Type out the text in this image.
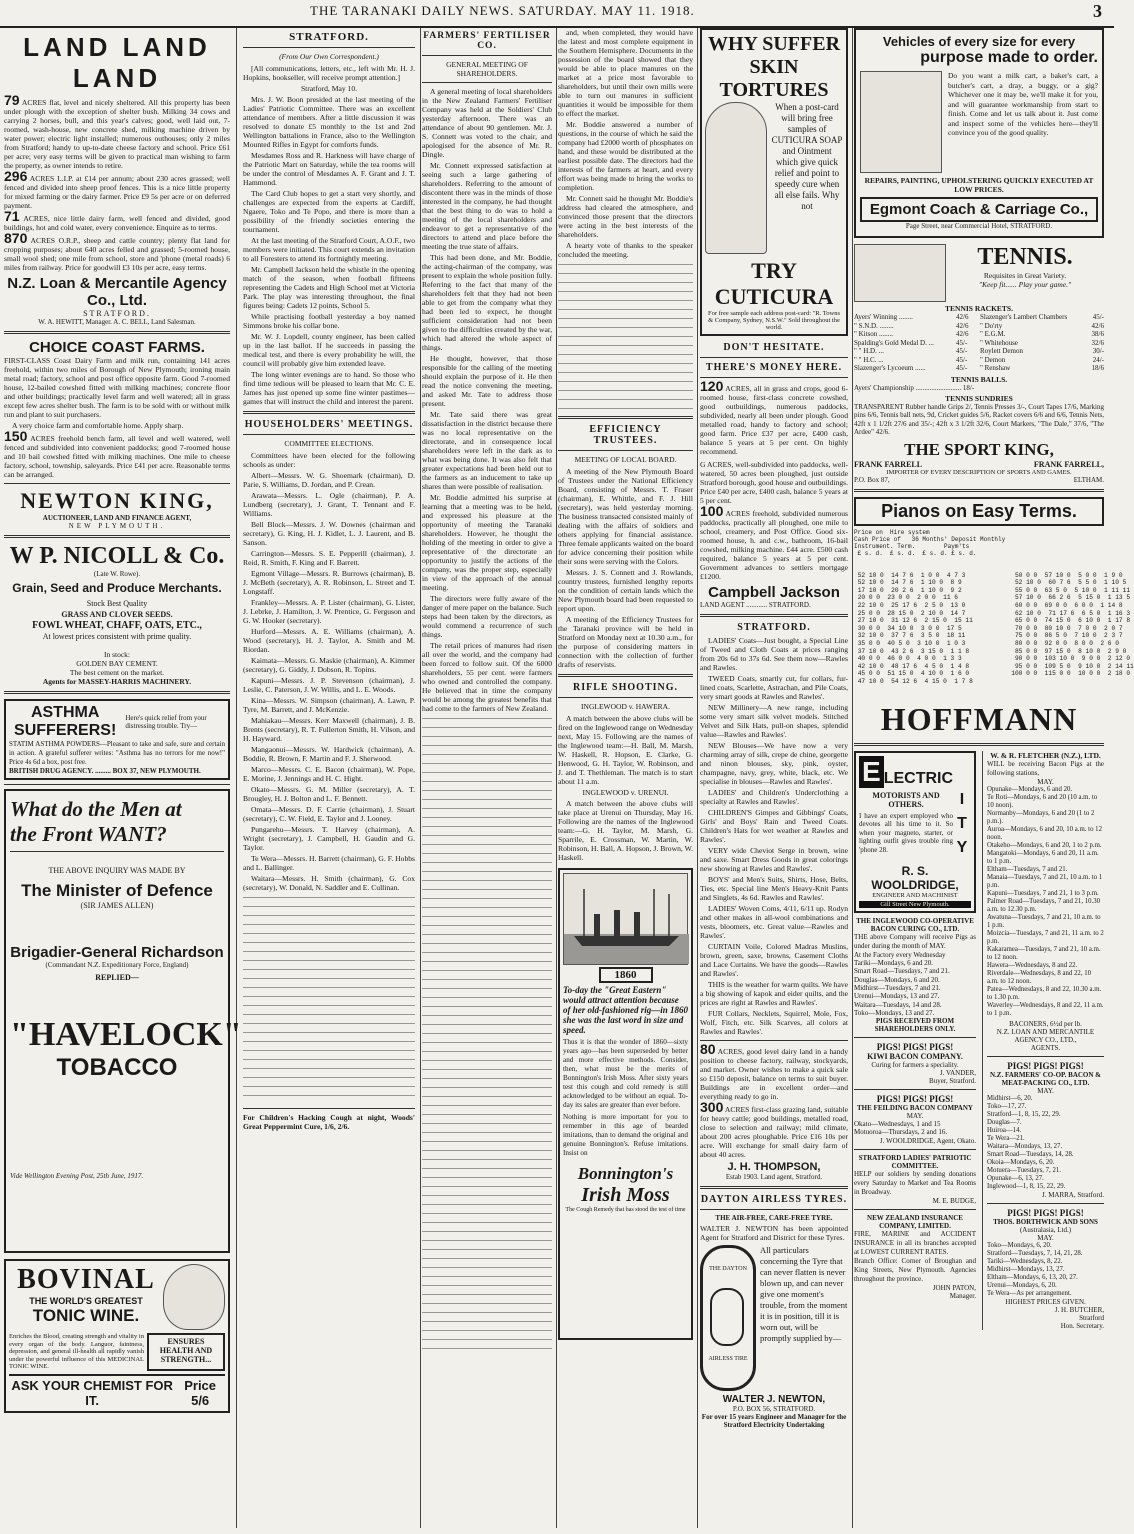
THE TARANAKI DAILY NEWS. SATURDAY. MAY 11. 1918.	3
LAND LAND LAND

79 ACRES flat, level and nicely sheltered. All this property has been under plough with the exception of shelter bush. Milking 34 cows and carrying 2 horses, bull, and this year's calves; good, well laid out, 7-roomed, wash-house, new concrete shed, milking machine driven by water power; electric light installed; numerous outhouses; only 2 miles from Stratford; handy to up-to-date cheese factory and school. Price £61 per acre; very easy terms will be given to practical man wishing to farm the property, as owner intends to retire.

296 ACRES L.I.P. at £14 per annum; about 230 acres grassed; well fenced and divided into sheep proof fences. This is a nice little property for mixed farming or the dairy farmer. Price £9 5s per acre or on deferred payment.

71 ACRES, nice little dairy farm, well fenced and divided, good buildings, hot and cold water, every convenience. Enquire as to terms.

870 ACRES O.R.P., sheep and cattle country; plenty flat land for cropping purposes; about 640 acres felled and grassed; 5-roomed house, small wool shed; one mile from school, store and 'phone (metal roads) 6 miles from railway. Price for goodwill £3 10s per acre, easy terms.

N.Z. Loan & Mercantile Agency Co., Ltd.
STRATFORD.
W. A. HEWITT, Manager. A. C. BELL, Land Salesman.
CHOICE COAST FARMS.

FIRST-CLASS Coast Dairy Farm and milk run, containing 141 acres freehold, within two miles of Borough of New Plymouth; ironing main metal road; factory, school and post office opposite farm. Good 7-roomed house, 12-bailed cowshed fitted with milking machines; concrete floor and other buildings; practically level farm and well watered; all in grass except few acres shelter bush. The farm is to be sold with or without milk run and plant to suit purchasers.

A very choice farm and comfortable home. Apply sharp.

150 ACRES freehold bench farm, all level and well watered, well fenced and subdivided into convenient paddocks; good 7-roomed house and 10 bail cowshed fitted with milking machines. One mile to cheese factory, school, township, saleyards. Price £41 per acre. Reasonable terms can be arranged.

NEWTON KING,
AUCTIONEER, LAND AND FINANCE AGENT,
NEW PLYMOUTH.
W P. NICOLL & Co.
(Late W. Rowe).
Grain, Seed and Produce Merchants.
Stock Best Quality
GRASS AND CLOVER SEEDS.
FOWL WHEAT, CHAFF, OATS, ETC.,
At lowest prices consistent with prime quality.
In stock:
GOLDEN BAY CEMENT.
The best cement on the market.
Agents for MASSEY-HARRIS MACHINERY.
ASTHMA SUFFERERS!
Here's quick relief from your distressing trouble. Try—
STATIM ASTHMA POWDERS—Pleasant to take and safe, sure and certain in action. A grateful sufferer writes: "Asthma has no terrors for me now!" Price 4s 6d a box, post free.
BRITISH DRUG AGENCY. ......... BOX 37, NEW PLYMOUTH.
What do the Men at
the Front WANT?
THE ABOVE INQUIRY WAS MADE BY
The Minister of Defence
(SIR JAMES ALLEN)
Brigadier-General Richardson
(Commandant N.Z. Expeditionary Force, England)
REPLIED—
"HAVELOCK"
TOBACCO
Vide Wellington Evening Post, 25th June, 1917.
BOVINAL
THE WORLD'S GREATEST
TONIC WINE.
Enriches the Blood, creating strength and vitality in every organ of the body. Languor, faintness, depression, and general ill-health all rapidly vanish under the powerful influence of this MEDICINAL TONIC WINE.
ENSURES
HEALTH AND
STRENGTH...
ASK YOUR CHEMIST FOR IT.
Price 5/6
STRATFORD.
(From Our Own Correspondent.)

[All communications, letters, etc., left with Mr. H. J. Hopkins, bookseller, will receive prompt attention.]

Stratford, May 10.

Mrs. J. W. Boon presided at the last meeting of the Ladies' Patriotic Committee. There was an excellent attendance of members. After a little discussion it was resolved to donate £5 monthly to the 1st and 2nd Wellington battalions in France, also to the Wellington Mounted Rifles in Egypt for comforts funds.

Mesdames Ross and R. Harkness will have charge of the Patriotic Mart on Saturday, while the tea rooms will be under the control of Mesdames A. F. Grant and J. T. Hammond.

The Card Club hopes to get a start very shortly, and challenges are expected from the experts at Cardiff, Ngaere, Toko and Te Popo, and there is more than a possibility of the friendly societies entering the tournament.

At the last meeting of the Stratford Court, A.O.F., two members were initiated. This court extends an invitation to all Foresters to attend its fortnightly meeting.

Mr. Campbell Jackson held the whistle in the opening match of the season, when football fiftteens representing the Cadets and High School met at Victoria Park. The play was interesting throughout, the final figures being: Cadets 12 points, School 5.

While practising football yesterday a boy named Simmons broke his collar bone.

Mr. W. J. Lopdell, county engineer, has been called up in the last ballot. If he succeeds in passing the medical test, and there is every probability he will, the council will probably give him extended leave.

The long winter evenings are to hand. So those who find time tedious will be pleased to learn that Mr. C. E. James has just opened up some fine winter pastimes—games that will instruct the child and interest the parent.

HOUSEHOLDERS' MEETINGS.
COMMITTEE ELECTIONS.

Committees have been elected for the following schools as under:

Albert—Messrs. W. G. Shoemark (chairman), D. Parie, S. Williams, D. Jordan, and P. Crean.

Arawata—Messrs. L. Ogle (chairman), P. A. Lundberg (secretary), J. Grant, T. Tennant and F. Williams.

Bell Block—Messrs. J. W. Downes (chairman and secretary), G. King, H. J. Kidlet, L. J. Laurent, and B. Sanson.

Carrington—Messrs. S. E. Pepperill (chairman), J. Reid, R. Smith, F. King and F. Barrett.

Egmont Village—Messrs. R. Burrows (chairman), B. J. McBeth (secretary), A. R. Robinson, L. Street and T. Longstaff.

Frankley—Messrs. A. P. Lister (chairman), G. Lister, J. Lebrke, J. Hamilton, J. W. Prentice, G. Ferguson and G. W. Hooker (secretary).

Hurford—Messrs. A. E. Williams (chairman), A. Wood (secretary), H. J. Taylor, A. Smith and M. Riordan.

Kaimata—Messrs. G. Maskie (chairman), A. Kimmer (secretary), G. Giddy, J. Dobson, R. Topins.

Kapuni—Messrs. J. P. Stevenson (chairman), J. Leslie, C. Paterson, J. W. Willis, and L. E. Woods.

Kina—Messrs. W. Simpson (chairman), A. Lawn, P. Tyre, M. Barrett, and J. McKenzie.

Mahiakau—Messrs. Kerr Maxwell (chairman), J. B. Brents (secretary), R. T. Fullerton Smith, H. Vilson, and H. Hayward.

Mangaonui—Messrs. W. Hardwick (chairman), A. Boddie, R. Brown, F. Martin and F. J. Sherwood.

Marco—Messrs. C. E. Bacon (chairman), W. Pope, E. Morine, J. Jennings and H. C. Hight.

Okato—Messrs. G. M. Miller (secretary), A. T. Brougley, H. J. Bolton and L. F. Bennett.

Omata—Messrs. D. F. Carrie (chairman), J. Stuart (secretary), C. W. Field, E. Taylor and J. Looney.

Pungarehu—Messrs. T. Harvey (chairman), A. Wright (secretary), J. Campbell, H. Gaudin and G. Taylor.

Te Wera—Messrs. H. Barrett (chairman), G. F. Hobbs and L. Ballinger.

Waitara—Messrs. H. Smith (chairman), G. Cox (secretary), W. Donald, N. Saddler and E. Cullinan.

For Children's Hacking Cough at night, Woods' Great Peppermint Cure, 1/6, 2/6.
FARMERS' FERTILISER CO.
GENERAL MEETING OF SHAREHOLDERS.

A general meeting of local shareholders in the New Zealand Farmers' Fertiliser Company was held at the Soldiers' Club yesterday afternoon. There was an attendance of about 90 gentlemen. Mr. J. S. Connett was voted to the chair, and apologised for the absence of Mr. R. Dingle.

Mr. Connett expressed satisfaction at seeing such a large gathering of shareholders. Referring to the amount of discontent there was in the minds of those interested in the company, he had thought that the best thing to do was to hold a meeting of the local shareholders and endeavor to get a representative of the directors to attend and place before the meeting the true state of affairs.

This had been done, and Mr. Boddie, the acting-chairman of the company, was present to explain the whole position fully. Referring to the fact that many of the shareholders felt that they had not been able to get from the company what they had been led to expect, he thought sufficient consideration had not been given to the difficulties created by the war, which had altered the whole aspect of things.

He thought, however, that those responsible for the calling of the meeting should explain the purpose of it. He then read the notice convening the meeting, and asked Mr. Tate to address those present.

Mr. Tate said there was great dissatisfaction in the district because there was no local representative on the directorate, and in consequence local shareholders were left in the dark as to what was being done. It was also felt that greater expectations had been held out to the farmers as an inducement to take up shares than were possible of realisation.

Mr. Boddie admitted his surprise at learning that a meeting was to be held, and expressed his pleasure at the opportunity of meeting the Taranaki shareholders. However, he thought the holding of the meeting in order to give a representative of the directorate an opportunity to justify the actions of the company, was the proper step, especially in view of the approach of the annual meeting.

The directors were fully aware of the danger of mere paper on the balance. Such steps had been taken by the directors, as would commend a recurrence of such things.

The retail prices of manures had risen all over the world, and the company had been forced to follow suit. Of the 6000 shareholders, 55 per cent. were farmers who owned and controlled the company. He believed that in time the company would be among the greatest benefits that had come to the farmers of New Zealand.

and, when completed, they would have the latest and most complete equipment in the Southern Hemisphere. Documents in the possession of the board showed that they would be able to place manures on the market at a price most favorable to shareholders, but until their own mills were able to turn out manures in sufficient quantities it would be impossible for them to effect the market.

Mr. Boddie answered a number of questions, in the course of which he said the company had £2000 worth of phosphates on hand, and these would be distributed at the earliest possible date. The directors had the interests of the farmers at heart, and every effort was being made to bring the works to completion.

Mr. Connett said he thought Mr. Boddie's address had cleared the atmosphere, and convinced those present that the directors were acting in the best interests of the shareholders.

A hearty vote of thanks to the speaker concluded the meeting.

EFFICIENCY TRUSTEES.
MEETING OF LOCAL BOARD.

A meeting of the New Plymouth Board of Trustees under the National Efficiency Board, consisting of Messrs. T. Fraser (chairman), E. Whittle, and F. J. Hill (secretary), was held yesterday morning. The business transacted consisted mainly of dealing with the affairs of soldiers and others applying for financial assistance. Three female applicants waited on the board for advice concerning their position while their sons were serving with the Colors.

Messrs. J. S. Connett and J. Rowlands, country trustees, furnished lengthy reports on the condition of certain lands which the New Plymouth board had been requested to report upon.

A meeting of the Efficiency Trustees for the Taranaki province will be held in Stratford on Monday next at 10.30 a.m., for the purpose of considering matters in connection with the collection of further drafts of reservists.

RIFLE SHOOTING.
INGLEWOOD v. HAWERA.

A match between the above clubs will be fired on the Inglewood range on Wednesday next, May 15. Following are the names of the Inglewood team:—H. Ball, M. Marsh, W. Haskell, R. Hopson, E. Clarke, G. Henwood, G. H. Taylor, W. Robinson, and J. and T. Thethleman. The match is to start about 11 a.m.

INGLEWOOD v. URENUI.

A match between the above clubs will take place at Urenui on Thursday, May 16. Following are the names of the Inglewood team:—G. H. Taylor, M. Marsh, G. Sparrile, E. Crossman, W. Martin, W. Robinson, H. Ball, A. Hopson, J. Brown, W. Haskell.

1860
To-day the "Great Eastern" would attract attention because of her old-fashioned rig—in 1860 she was the last word in size and speed.
Thus it is that the wonder of 1860—sixty years ago—has been superseded by better and more effective methods. Consider, then, what must be the merits of Bonnington's Irish Moss. After sixty years test this cough and cold remedy is still acknowledged to be without an equal. To-day its sales are greater than ever before.
Nothing is more important for you to remember in this age of bearded imitations, than to demand the original and genuine Bonnington's. Refuse imitations. Insist on
Bonnington's
Irish Moss
The Cough Remedy that has stood the test of time
WHY SUFFER
SKIN TORTURES
When a post-card will bring free samples of CUTICURA SOAP and Ointment which give quick relief and point to speedy cure when all else fails. Why not
TRY CUTICURA
For free sample each address post-card: "R. Towns & Company, Sydney, N.S.W." Sold throughout the world.
DON'T HESITATE.
THERE'S MONEY HERE.

120 ACRES, all in grass and crops, good 6-roomed house, first-class concrete cowshed, good outbuildings, numerous paddocks, subdivided, nearly all been under plough. Good metalled road, handy to factory and school; good farm. Price £37 per acre, £400 cash, balance 5 years at 5 per cent. On highly recommend.

G ACRES, well-subdivided into paddocks, well-watered, 50 acres been ploughed, just outside Stratford borough, good house and outbuildings. Price £40 per acre, £400 cash, balance 5 years at 5 per cent.

100 ACRES freehold, subdivided numerous paddocks, practically all ploughed, one mile to school, creamery, and Post Office. Good six-roomed house, h. and c.w., bathroom, 16-bail cowshed, milking machine. £44 acre. £500 cash required, balance 5 years at 5 per cent. Government advances to settlers mortgage £1200.

Campbell Jackson
LAND AGENT ............ STRATFORD.
STRATFORD.

LADIES' Coats—Just bought, a Special Line of Tweed and Cloth Coats at prices ranging from 20s 6d to 37s 6d. See them now—Rawles and Rawles.

TWEED Coats, smartly cut, fur collars, fur-lined coats, Scarlette, Astrachan, and Pile Coats, very smart goods at Rawles and Rawles'.

NEW Millinery—A new range, including some very smart silk velvet models. Stitched Velvet and Silk Hats, pull-on shapes, splendid value—Rawles and Rawles'.

NEW Blouses—We have now a very charming array of silk, crepe de chine, georgette and ninon blouses, sky, pink, oyster, champagne, navy, grey, white, black, etc. We specialise in blouses—Rawles and Rawles'.

LADIES' and Children's Underclothing a specialty at Rawles and Rawles'.

CHILDREN'S Gimpes and Gibbings' Coats, Girls' and Boys' Rain and Tweed Coats. Children's Hats for wet weather at Rawles and Rawles'.

VERY wide Cheviot Serge in brown, wine and saxe. Smart Dress Goods in great colorings new showing at Rawles and Rawles'.

BOYS' and Men's Suits, Shirts, Hose, Belts, Ties, etc. Special line Men's Heavy-Knit Pants and Singlets, 4s 6d. Rawles and Rawles'.

LADIES' Woven Coms, 4/11, 6/11 up. Rodyn and other makes in all-wool combinations and vests, bloomers, etc. Great value—Rawles and Rawles'.

CURTAIN Voile, Colored Madras Muslins, brown, green, saxe, browns, Casement Cloths and Lace Curtains. We have the goods—Rawles and Rawles'.

THIS is the weather for warm quilts. We have a big showing of kapok and eider quilts, and the prices are right at Rawles and Rawles'.

FUR Collars, Necklets, Squirrel, Mole, Fox, Wolf, Fitch, etc. Silk Scarves, all colors at Rawles and Rawles'.

80 ACRES, good level dairy land in a handy position to cheese factory, railway, stockyards, and market. Owner wishes to make a quick sale so £150 deposit, balance on terms to suit buyer. Buildings are in excellent order—and everything ready to go in.

300 ACRES first-class grazing land, suitable for heavy cattle; good buildings, metalled road, close to selection and railway; mild climate, about 200 acres ploughable. Price £16 10s per acre. Will exchange for small dairy farm of about 40 acres.

J. H. THOMPSON,
Estab 1903. Land agent, Stratford.
DAYTON AIRLESS TYRES.
THE AIR-FREE, CARE-FREE TYRE.
WALTER J. NEWTON has been appointed Agent for Stratford and District for these Tyres.
THE DAYTON
AIRLESS TIRE
All particulars concerning the Tyre that can never flatten is never blown up, and can never give one moment's trouble, from the moment it is in position, till it is worn out, will be promptly supplied by—
WALTER J. NEWTON,
P.O. BOX 56, STRATFORD.
For over 15 years Engineer and Manager for the Stratford Electricity Undertaking
Vehicles of every size for every
purpose made to order.
Do you want a milk cart, a baker's cart, a butcher's cart, a dray, a buggy, or a gig? Whichever one it may be, we'll make it for you, and will guarantee workmanship from start to finish. Come and let us talk about it. Just come and inspect some of the vehicles here—they'll convince you of the good quality.
REPAIRS, PAINTING, UPHOLSTERING QUICKLY EXECUTED AT LOW PRICES.
Egmont Coach & Carriage Co.,
Page Street, near Commercial Hotel, STRATFORD.
TENNIS.
Requisites in Great Variety.
"Keep fit...... Play your game."
TENNIS RACKETS.
Ayers' Winning ........	42/6	Slazenger's Lambert Chambers	45/-
" S.N.D. ........	42/6	" Do'rty	42/6
" Kitson ........	42/6	" E.G.M.	38/6
Spalding's Gold Medal D. ...	45/-	" Whitehouse	32/6
" " H.D. ...	45/-	Roylett Demon	30/-
" " H.C. ...	45/-	" Demon	24/-
Slazenger's Lycoeum ......	45/-	" Renshaw	18/6
TENNIS BALLS.
Ayers' Championship .......................... 18/-
TENNIS SUNDRIES
TRANSPARENT Rubber handle Grips 2/, Tennis Presses 3/-, Court Tapes 17/6, Marking pins 6/6, Tennis ball nets, 9d, Cricket guides 5/6, Racket covers 6/6 and 6/6, Tennis Nets, 42ft x 1 1/2ft 27/6 and 35/-; 42ft x 3 1/2ft 32/6, Court Markers, "The Dale," 37/6, "The Ardee" 42/6.
THE SPORT KING,
FRANK FARRELL	FRANK FARRELL,
IMPORTER OF EVERY DESCRIPTION OF SPORTS AND GAMES.
P.O. Box 87,	ELTHAM.
Pianos on Easy Terms.
Price on  Hire system
Cash Price of   36 Months' Deposit Monthly
Instrument. Term.        Paym'ts
£ s. d.  £ s. d.  £ s. d. £ s. d.

52 10 0  14 7 6  1 0 0  4 7 3
52 10 0  14 7 6  1 10 0  8 9
17 10 0  20 2 6  1 10 0  9 2
20 0 0  23 0 0  2 0 0  11 6
22 10 0  25 17 6  2 5 0  13 0
25 0 0  28 15 0  2 10 0  14 7
27 10 0  31 12 6  2 15 0  15 11
30 0 0  34 10 0  3 0 0  17 5
32 10 0  37 7 6  3 5 0  18 11
35 0 0  40 5 0  3 10 0  1 0 3
37 10 0  43 2 6  3 15 0  1 1 8
40 0 0  46 0 0  4 0 0  1 3 3
42 10 0  48 17 6  4 5 0  1 4 8
45 0 0  51 15 0  4 10 0  1 6 0
47 10 0  54 12 6  4 15 0  1 7 8

50 0 0  57 10 0  5 0 0  1 9 0
52 10 0  60 7 6  5 5 0  1 10 5
55 0 0  63 5 0  5 10 0  1 11 11
57 10 0  66 2 6  5 15 0  1 13 5
60 0 0  69 0 0  6 0 0  1 14 8
62 10 0  71 17 6  6 5 0  1 16 3
65 0 0  74 15 0  6 10 0  1 17 8
70 0 0  80 10 0  7 0 0  2 0 7
75 0 0  86 5 0  7 10 0  2 3 7
80 0 0  92 0 0  8 0 0  2 6 0
85 0 0  97 15 0  8 10 0  2 9 0
90 0 0  103 10 0  9 0 0  2 12 0
95 0 0  109 5 0  9 10 0  2 14 11
100 0 0  115 0 0  10 0 0  2 18 0

HOFFMANN
E LECTRIC
MOTORISTS AND OTHERS.
I have an expert employed who devotes all his time to it. So when your magneto, starter, or lighting outfit gives trouble ring 'phone 28.
I
T
Y
R. S. WOOLDRIDGE,
ENGINEER AND MACHINIST
Gill Street New Plymouth.
THE INGLEWOOD CO-OPERATIVE BACON CURING CO., LTD.
THE above Company will receive Pigs as under during the month of MAY.
At the Factory every Wednesday
Tariki—Mondays, 6 and 20.
Smart Road—Tuesdays, 7 and 21.
Douglas—Mondays, 6 and 20.
Midhirst—Tuesdays, 7 and 21.
Urenui—Mondays, 13 and 27.
Waitara—Tuesdays, 14 and 28.
Toko—Mondays, 13 and 27.
PIGS RECEIVED FROM SHAREHOLDERS ONLY.
PIGS! PIGS! PIGS!
KIWI BACON COMPANY.
Curing for farmers a speciality.
J. VANDER,
Buyer, Stratford.
PIGS! PIGS! PIGS!
THE FEILDING BACON COMPANY
MAY.
Okato—Wednesdays, 1 and 15
Motuoroa—Thursdays, 2 and 16.
J. WOOLDRIDGE, Agent, Okato.
STRATFORD LADIES' PATRIOTIC COMMITTEE.
HELP our soldiers by sending donations every Saturday to Market and Tea Rooms in Broadway.
M. E. BUDGE,
NEW ZEALAND INSURANCE COMPANY, LIMITED.
FIRE, MARINE and ACCIDENT INSURANCE in all its branches accepted at LOWEST CURRENT RATES.
Branch Office: Corner of Broughan and King Streets, New Plymouth. Agencies throughout the province.
JOHN PATON,
Manager.
W. & R. FLETCHER (N.Z.), LTD.
WILL be receiving Bacon Pigs at the following stations,
MAY.
Opunake—Mondays, 6 and 20.
Te Roti—Mondays, 6 and 20 (10 a.m. to 10 noon).
Normanby—Mondays, 6 and 20 (1 to 2 p.m.).
Auroa—Mondays, 6 and 20, 10 a.m. to 12 noon.
Otakeho—Mondays, 6 and 20, 1 to 2 p.m.
Mangatoki—Mondays, 6 and 20, 11 a.m. to 1 p.m.
Eltham—Tuesdays, 7 and 21.
Manaia—Tuesdays, 7 and 21, 10 a.m. to 1 p.m.
Kapuni—Tuesdays, 7 and 21, 1 to 3 p.m.
Palmer Road—Tuesdays, 7 and 21, 10.30 a.m. to 12.30 p.m.
Awatuna—Tuesdays, 7 and 21, 10 a.m. to 1 p.m.
Moizcia—Tuesdays, 7 and 21, 11 a.m. to 2 p.m.
Kakaramea—Tuesdays, 7 and 21, 10 a.m. to 12 noon.
Hawera—Wednesdays, 8 and 22.
Riverdale—Wednesdays, 8 and 22, 10 a.m. to 12 noon.
Patea—Wednesdays, 8 and 22, 10.30 a.m. to 1.30 p.m.
Waverley—Wednesdays, 8 and 22, 11 a.m. to 1 p.m.
BACONERS, 6½d per lb.
N.Z. LOAN AND MERCANTILE AGENCY CO., LTD.,
AGENTS.
PIGS! PIGS! PIGS!
N.Z. FARMERS' CO-OP. BACON & MEAT-PACKING CO., LTD.
MAY.
Midhirst—6, 20.
Toko—17, 27.
Stratford—1, 8, 15, 22, 29.
Douglas—7.
Huiroa—14.
Te Wera—21.
Waitara—Mondays, 13, 27.
Smart Road—Tuesdays, 14, 28.
Okoia—Mondays, 6, 20.
Motuera—Tuesdays, 7, 21.
Opunake—6, 13, 27.
Inglewood—1, 8, 15, 22, 29.
J. MARRA, Stratford.
PIGS! PIGS! PIGS!
THOS. BORTHWICK AND SONS
(Australasia, Ltd.)
MAY.
Toko—Mondays, 6, 20.
Stratford—Tuesdays, 7, 14, 21, 28.
Tariki—Wednesdays, 8, 22.
Midhirst—Mondays, 13, 27.
Eltham—Mondays, 6, 13, 20, 27.
Urenui—Mondays, 6, 20.
Te Wera—As per arrangement.
HIGHEST PRICES GIVEN.
J. H. BUTCHER,
Stratford
Hon. Secretary.
